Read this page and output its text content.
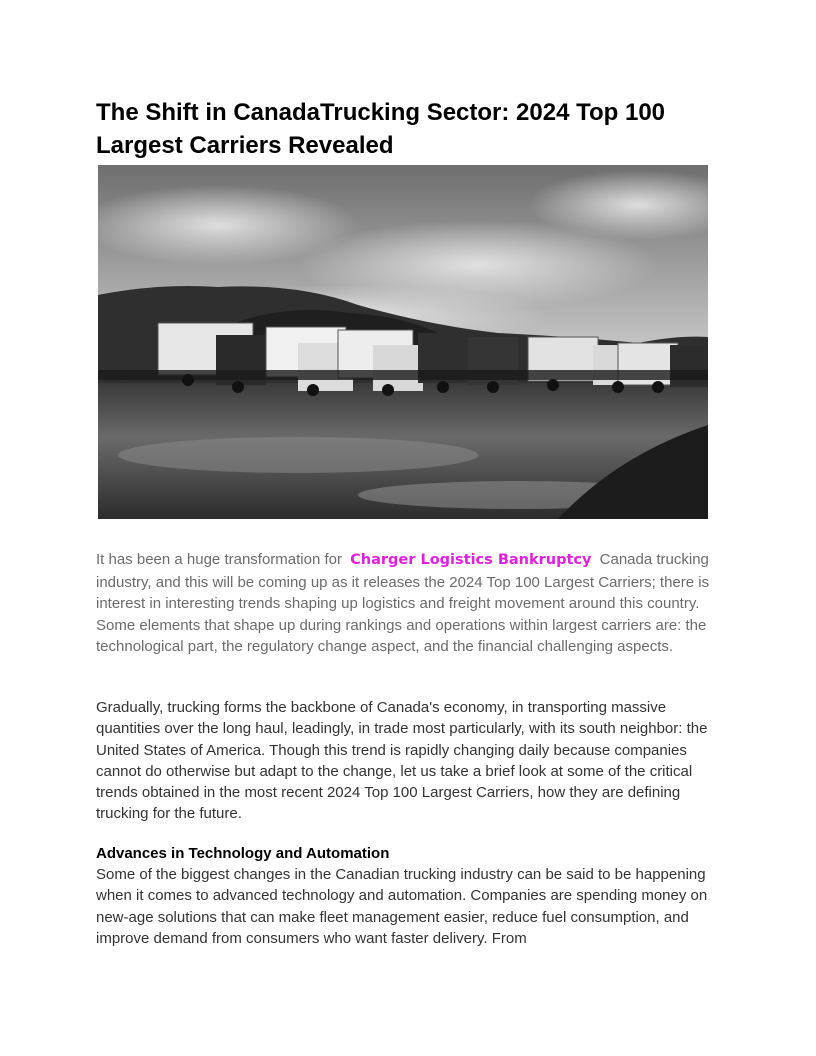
The Shift in CanadaTrucking Sector: 2024 Top 100 Largest Carriers Revealed

It has been a huge transformation for Charger Logistics Bankruptcy Canada trucking industry, and this will be coming up as it releases the 2024 Top 100 Largest Carriers; there is interest in interesting trends shaping up logistics and freight movement around this country. Some elements that shape up during rankings and operations within largest carriers are: the technological part, the regulatory change aspect, and the financial challenging aspects.

Gradually, trucking forms the backbone of Canada's economy, in transporting massive quantities over the long haul, leadingly, in trade most particularly, with its south neighbor: the United States of America. Though this trend is rapidly changing daily because companies cannot do otherwise but adapt to the change, let us take a brief look at some of the critical trends obtained in the most recent 2024 Top 100 Largest Carriers, how they are defining trucking for the future.

Advances in Technology and Automation

Some of the biggest changes in the Canadian trucking industry can be said to be happening when it comes to advanced technology and automation. Companies are spending money on new-age solutions that can make fleet management easier, reduce fuel consumption, and improve demand from consumers who want faster delivery. From
